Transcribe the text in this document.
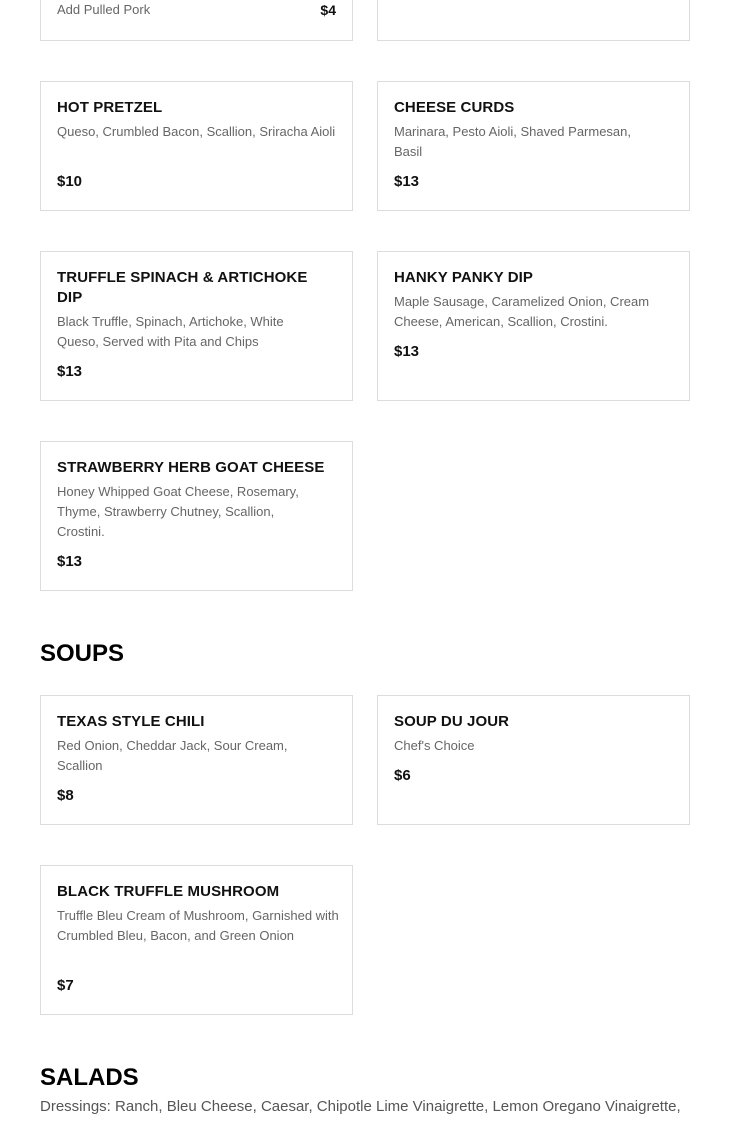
Add Pulled Pork	$4
HOT PRETZEL
Queso, Crumbled Bacon, Scallion, Sriracha Aioli
$10
CHEESE CURDS
Marinara, Pesto Aioli, Shaved Parmesan, Basil
$13
TRUFFLE SPINACH & ARTICHOKE DIP
Black Truffle, Spinach, Artichoke, White Queso, Served with Pita and Chips
$13
HANKY PANKY DIP
Maple Sausage, Caramelized Onion, Cream Cheese, American, Scallion, Crostini.
$13
STRAWBERRY HERB GOAT CHEESE
Honey Whipped Goat Cheese, Rosemary, Thyme, Strawberry Chutney, Scallion, Crostini.
$13
SOUPS
TEXAS STYLE CHILI
Red Onion, Cheddar Jack, Sour Cream, Scallion
$8
SOUP DU JOUR
Chef's Choice
$6
BLACK TRUFFLE MUSHROOM
Truffle Bleu Cream of Mushroom, Garnished with Crumbled Bleu, Bacon, and Green Onion
$7
SALADS
Dressings: Ranch, Bleu Cheese, Caesar, Chipotle Lime Vinaigrette, Lemon Oregano Vinaigrette,
